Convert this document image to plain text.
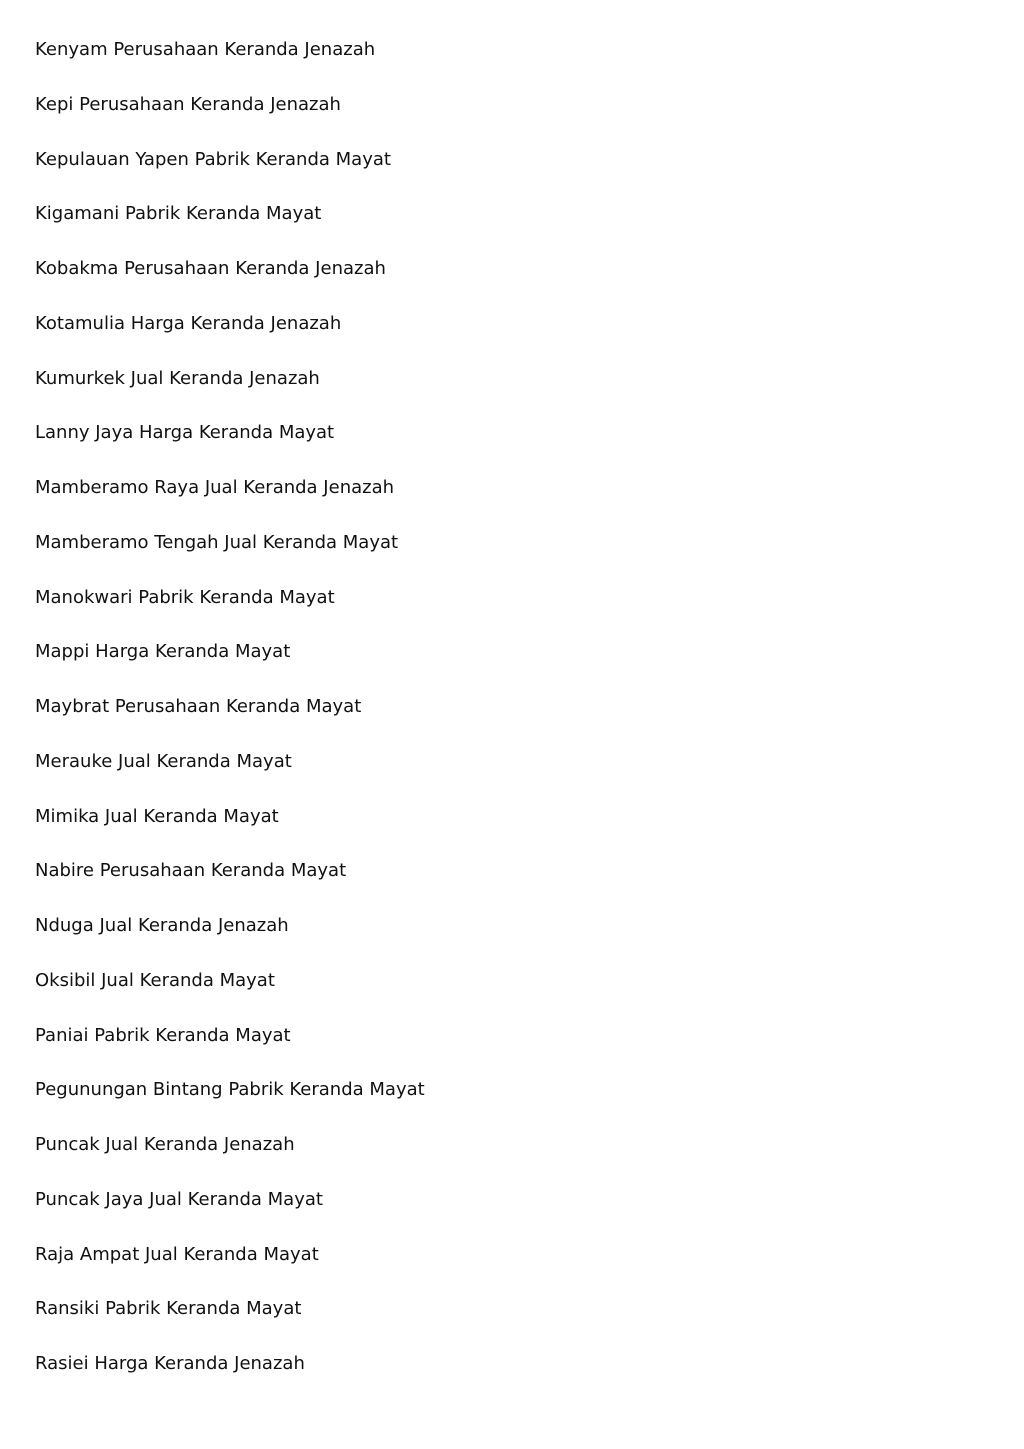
Kenyam Perusahaan Keranda Jenazah
Kepi Perusahaan Keranda Jenazah
Kepulauan Yapen Pabrik Keranda Mayat
Kigamani Pabrik Keranda Mayat
Kobakma Perusahaan Keranda Jenazah
Kotamulia Harga Keranda Jenazah
Kumurkek Jual Keranda Jenazah
Lanny Jaya Harga Keranda Mayat
Mamberamo Raya Jual Keranda Jenazah
Mamberamo Tengah Jual Keranda Mayat
Manokwari Pabrik Keranda Mayat
Mappi Harga Keranda Mayat
Maybrat Perusahaan Keranda Mayat
Merauke Jual Keranda Mayat
Mimika Jual Keranda Mayat
Nabire Perusahaan Keranda Mayat
Nduga Jual Keranda Jenazah
Oksibil Jual Keranda Mayat
Paniai Pabrik Keranda Mayat
Pegunungan Bintang Pabrik Keranda Mayat
Puncak Jual Keranda Jenazah
Puncak Jaya Jual Keranda Mayat
Raja Ampat Jual Keranda Mayat
Ransiki Pabrik Keranda Mayat
Rasiei Harga Keranda Jenazah
